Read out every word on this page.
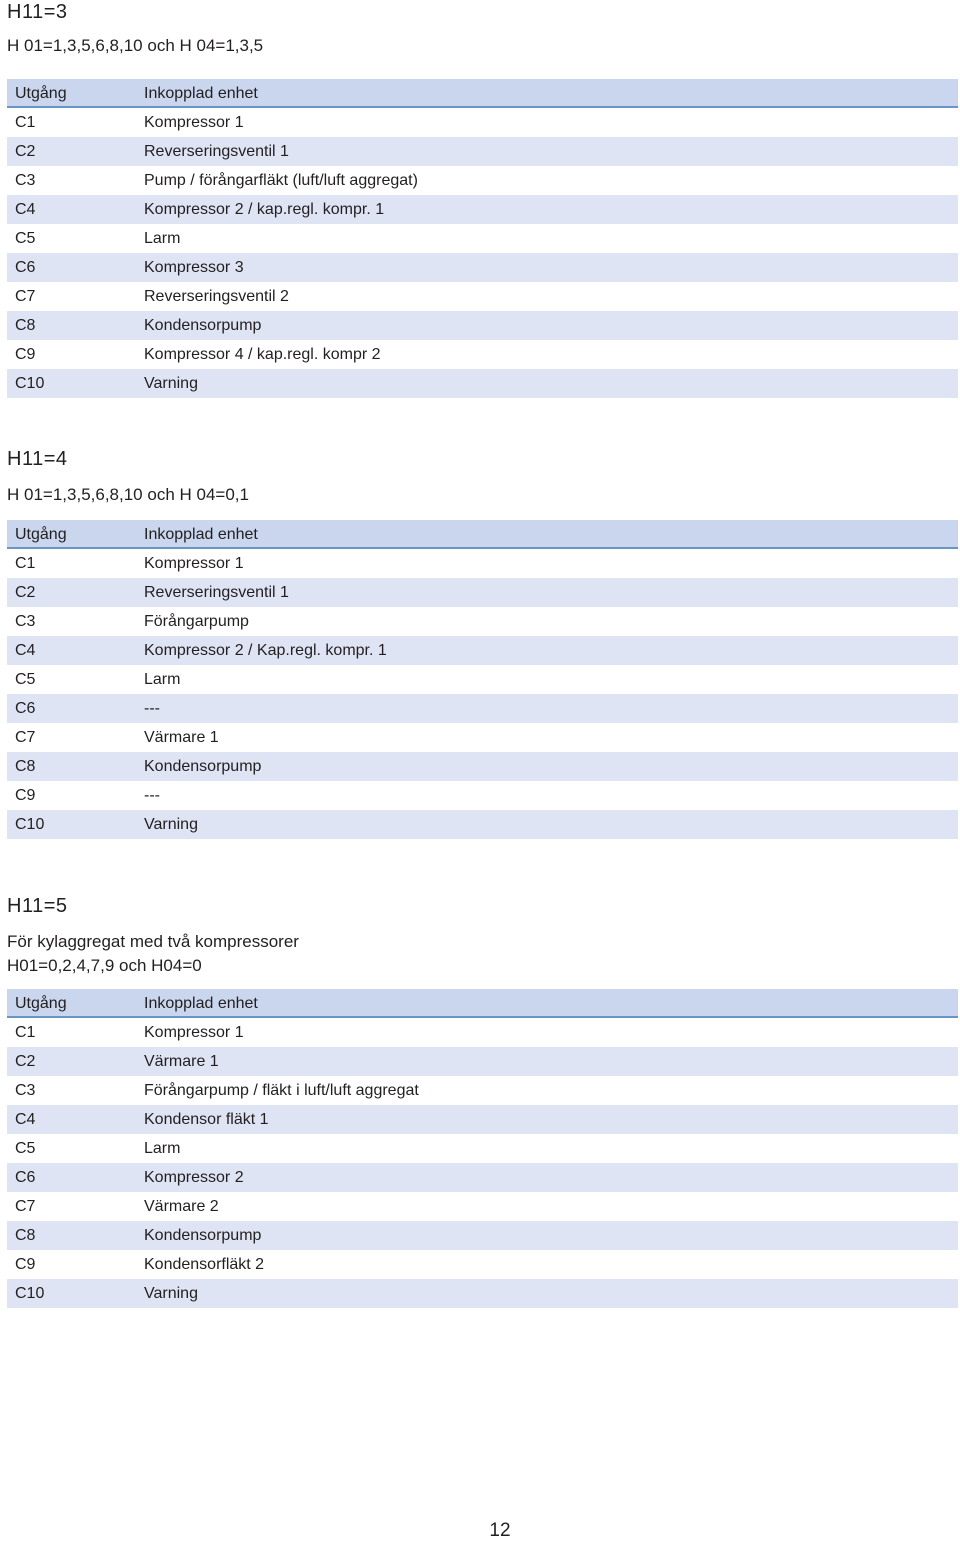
H11=3
H 01=1,3,5,6,8,10 och H 04=1,3,5
Utgång	Inkopplad enhet
C1	Kompressor 1
C2	Reverseringsventil 1
C3	Pump / förångarfläkt (luft/luft aggregat)
C4	Kompressor 2 / kap.regl. kompr. 1
C5	Larm
C6	Kompressor 3
C7	Reverseringsventil 2
C8	Kondensorpump
C9	Kompressor 4 / kap.regl. kompr 2
C10	Varning
H11=4
H 01=1,3,5,6,8,10 och H 04=0,1
Utgång	Inkopplad enhet
C1	Kompressor 1
C2	Reverseringsventil 1
C3	Förångarpump
C4	Kompressor 2 / Kap.regl. kompr. 1
C5	Larm
C6	---
C7	Värmare 1
C8	Kondensorpump
C9	---
C10	Varning
H11=5
För kylaggregat med två kompressorer
H01=0,2,4,7,9 och H04=0
Utgång	Inkopplad enhet
C1	Kompressor 1
C2	Värmare 1
C3	Förångarpump / fläkt i luft/luft aggregat
C4	Kondensor fläkt 1
C5	Larm
C6	Kompressor 2
C7	Värmare 2
C8	Kondensorpump
C9	Kondensorfläkt 2
C10	Varning
12
